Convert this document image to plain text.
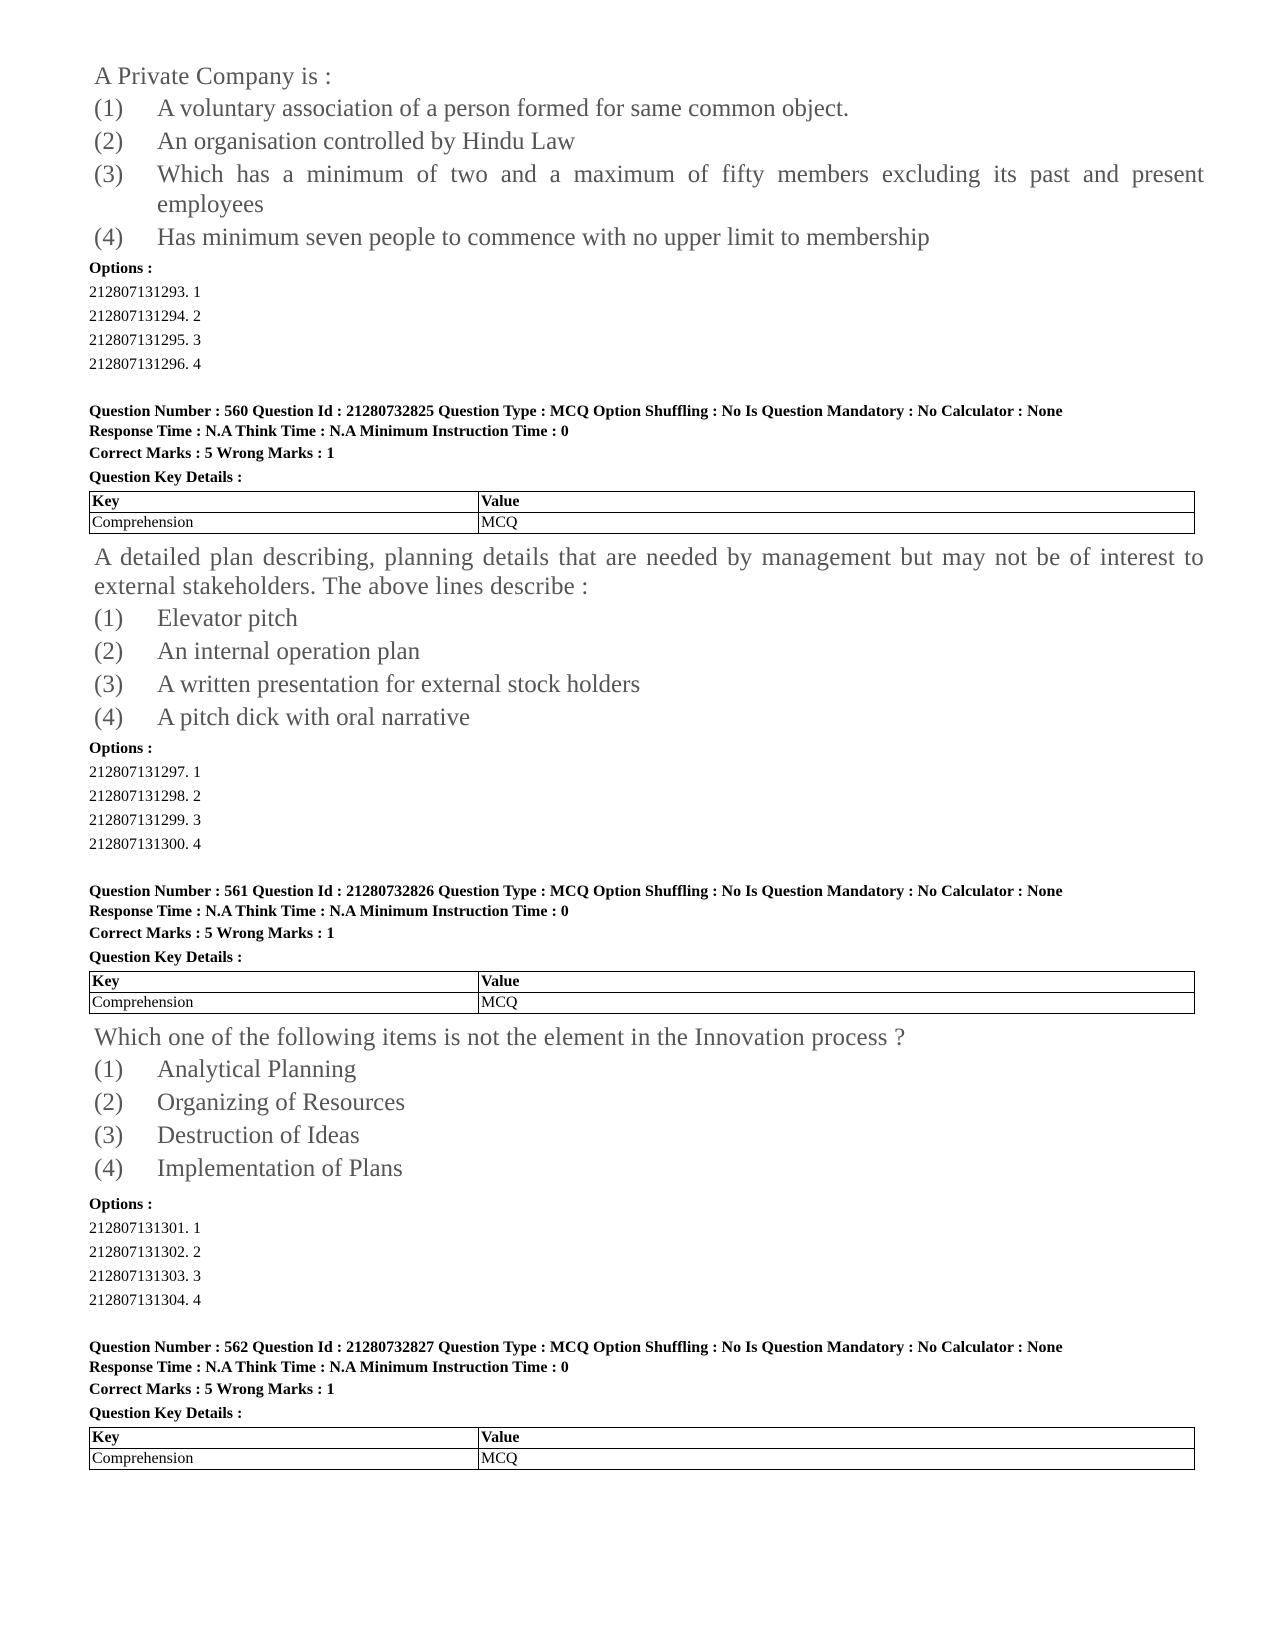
A Private Company is :
(1) A voluntary association of a person formed for same common object.
(2) An organisation controlled by Hindu Law
(3) Which has a minimum of two and a maximum of fifty members excluding its past and present employees
(4) Has minimum seven people to commence with no upper limit to membership
Options :
212807131293. 1
212807131294. 2
212807131295. 3
212807131296. 4
Question Number : 560 Question Id : 21280732825 Question Type : MCQ Option Shuffling : No Is Question Mandatory : No Calculator : None
Response Time : N.A Think Time : N.A Minimum Instruction Time : 0
Correct Marks : 5 Wrong Marks : 1
Question Key Details :
Key	Value
Comprehension	MCQ
A detailed plan describing, planning details that are needed by management but may not be of interest to external stakeholders. The above lines describe :
(1) Elevator pitch
(2) An internal operation plan
(3) A written presentation for external stock holders
(4) A pitch dick with oral narrative
Options :
212807131297. 1
212807131298. 2
212807131299. 3
212807131300. 4
Question Number : 561 Question Id : 21280732826 Question Type : MCQ Option Shuffling : No Is Question Mandatory : No Calculator : None
Response Time : N.A Think Time : N.A Minimum Instruction Time : 0
Correct Marks : 5 Wrong Marks : 1
Question Key Details :
Key	Value
Comprehension	MCQ
Which one of the following items is not the element in the Innovation process ?
(1) Analytical Planning
(2) Organizing of Resources
(3) Destruction of Ideas
(4) Implementation of Plans
Options :
212807131301. 1
212807131302. 2
212807131303. 3
212807131304. 4
Question Number : 562 Question Id : 21280732827 Question Type : MCQ Option Shuffling : No Is Question Mandatory : No Calculator : None
Response Time : N.A Think Time : N.A Minimum Instruction Time : 0
Correct Marks : 5 Wrong Marks : 1
Question Key Details :
Key	Value
Comprehension	MCQ
